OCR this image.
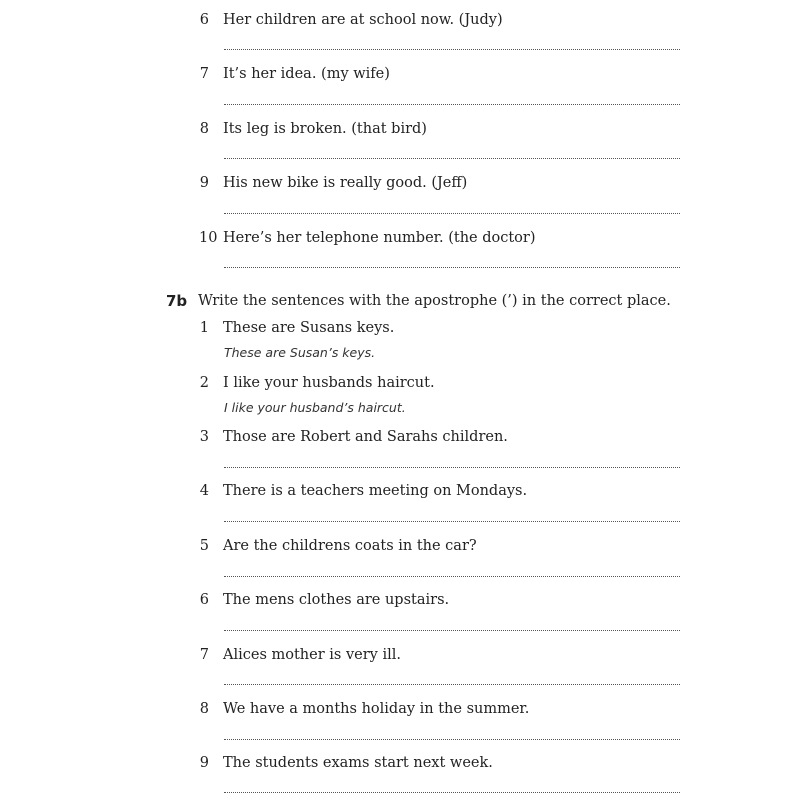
6 Her children are at school now. (Judy)
7 It’s her idea. (my wife)
8 Its leg is broken. (that bird)
9 His new bike is really good. (Jeff)
10 Here’s her telephone number. (the doctor)
7b Write the sentences with the apostrophe (’) in the correct place.
1 These are Susans keys.
These are Susan’s keys.
2 I like your husbands haircut.
I like your husband’s haircut.
3 Those are Robert and Sarahs children.
4 There is a teachers meeting on Mondays.
5 Are the childrens coats in the car?
6 The mens clothes are upstairs.
7 Alices mother is very ill.
8 We have a months holiday in the summer.
9 The students exams start next week.
